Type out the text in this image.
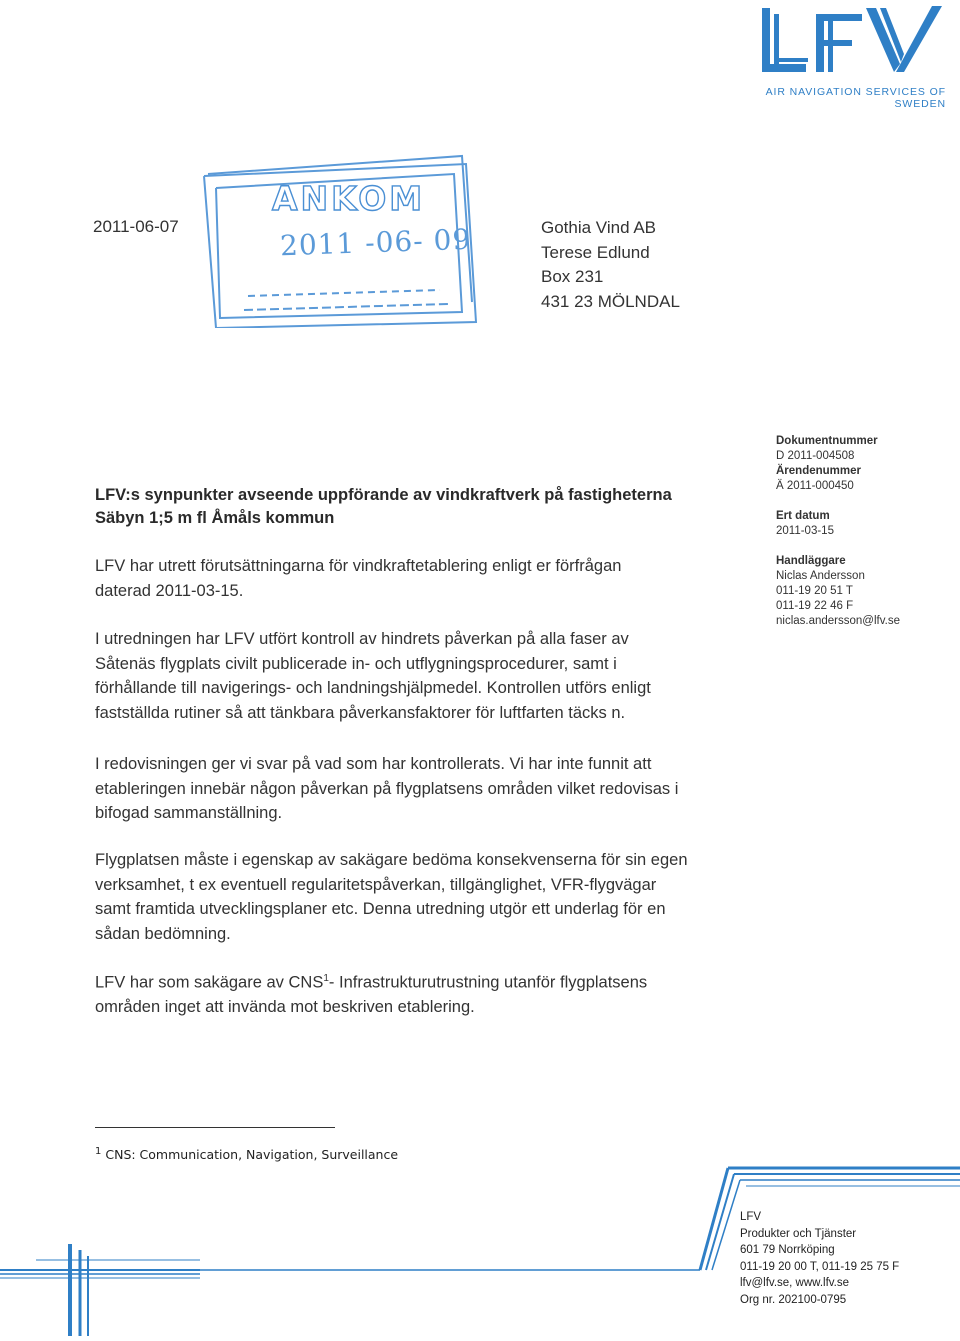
AIR NAVIGATION SERVICES OF SWEDEN
ANKOM
2011 -06- 09
2011-06-07	Gothia Vind AB
Terese Edlund
Box 231
431 23 MÖLNDAL
Dokumentnummer
D 2011-004508
Ärendenummer
Ä 2011-000450
Ert datum
2011-03-15
Handläggare
Niclas Andersson
011-19 20 51 T
011-19 22 46 F
niclas.andersson@lfv.se
LFV:s synpunkter avseende uppförande av vindkraftverk på fastigheterna
Säbyn 1;5 m fl Åmåls kommun
LFV har utrett förutsättningarna för vindkraftetablering enligt er förfrågan
daterad 2011-03-15.
I utredningen har LFV utfört kontroll av hindrets påverkan på alla faser av
Såtenäs flygplats civilt publicerade in- och utflygningsprocedurer, samt i
förhållande till navigerings- och landningshjälpmedel. Kontrollen utförs enligt
fastställda rutiner så att tänkbara påverkansfaktorer för luftfarten täcks n.
I redovisningen ger vi svar på vad som har kontrollerats. Vi har inte funnit att
etableringen innebär någon påverkan på flygplatsens områden vilket redovisas i
bifogad sammanställning.
Flygplatsen måste i egenskap av sakägare bedöma konsekvenserna för sin egen
verksamhet, t ex eventuell regularitetspåverkan, tillgänglighet, VFR-flygvägar
samt framtida utvecklingsplaner etc. Denna utredning utgör ett underlag för en
sådan bedömning.
LFV har som sakägare av CNS$^1$- Infrastrukturutrustning utanför flygplatsens
områden inget att invända mot beskriven etablering.
$^1$ CNS: Communication, Navigation, Surveillance
LFV
Produkter och Tjänster
601 79 Norrköping
011-19 20 00 T, 011-19 25 75 F
lfv@lfv.se, www.lfv.se
Org nr. 202100-0795
